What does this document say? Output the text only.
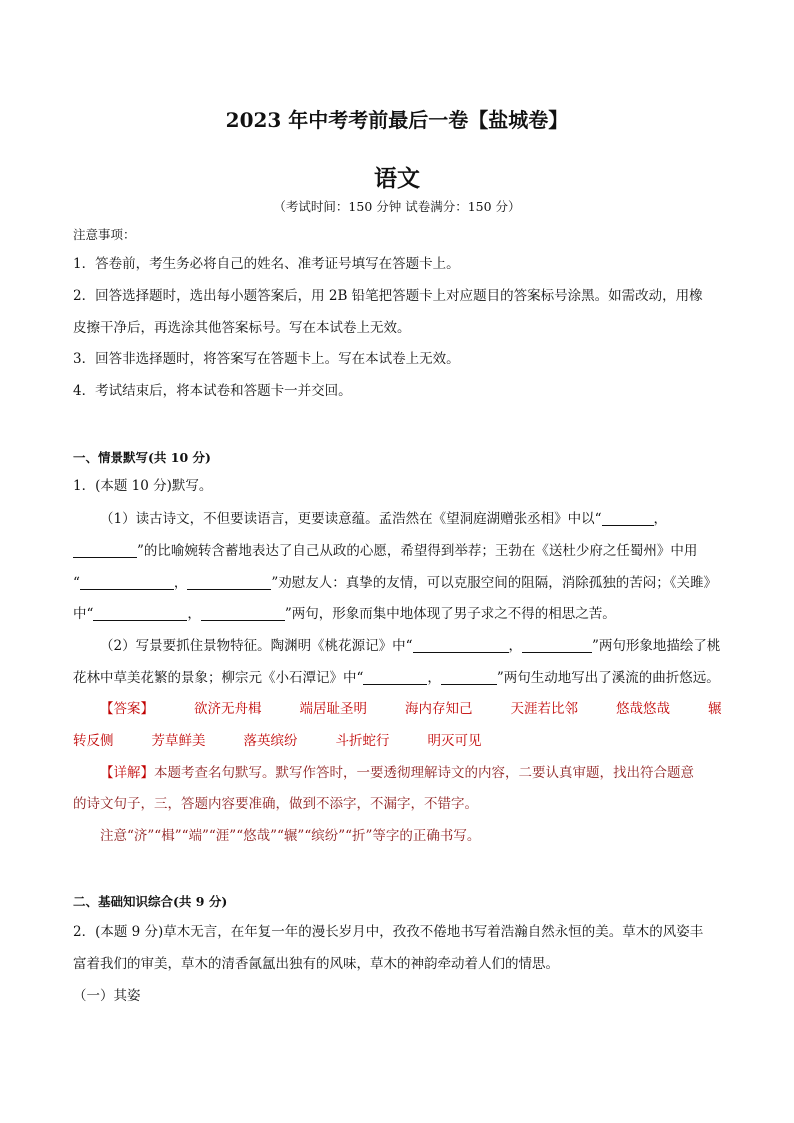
2023 年中考考前最后一卷【盐城卷】
语文
（考试时间：150 分钟 试卷满分：150 分）
注意事项：
1．答卷前，考生务必将自己的姓名、准考证号填写在答题卡上。
2．回答选择题时，选出每小题答案后，用 2B 铅笔把答题卡上对应题目的答案标号涂黑。如需改动，用橡
皮擦干净后，再选涂其他答案标号。写在本试卷上无效。
3．回答非选择题时，将答案写在答题卡上。写在本试卷上无效。
4．考试结束后，将本试卷和答题卡一并交回。
一、情景默写(共 10 分)
1．(本题 10 分)默写。
（1）读古诗文，不但要读语言，更要读意蕴。孟浩然在《望洞庭湖赠张丞相》中以“	，
”的比喻婉转含蓄地表达了自己从政的心愿，希望得到举荐；王勃在《送杜少府之任蜀州》中用
“	，	”劝慰友人：真挚的友情，可以克服空间的阻隔，消除孤独的苦闷；《关雎》
中“	，	”两句，形象而集中地体现了男子求之不得的相思之苦。
（2）写景要抓住景物特征。陶渊明《桃花源记》中“	，	”两句形象地描绘了桃
花林中草美花繁的景象；柳宗元《小石潭记》中“	，	”两句生动地写出了溪流的曲折悠远。
【答案】	欲济无舟楫	端居耻圣明	海内存知己	天涯若比邻	悠哉悠哉	辗
转反侧	芳草鲜美	落英缤纷	斗折蛇行	明灭可见
【详解】本题考查名句默写。默写作答时，一要透彻理解诗文的内容，二要认真审题，找出符合题意
的诗文句子，三，答题内容要准确，做到不添字，不漏字，不错字。
注意“济”“楫”“端”“涯”“悠哉”“辗”“缤纷”“折”等字的正确书写。
二、基础知识综合(共 9 分)
2．(本题 9 分)草木无言，在年复一年的漫长岁月中，孜孜不倦地书写着浩瀚自然永恒的美。草木的风姿丰
富着我们的审美，草木的清香氤氲出独有的风味，草木的神韵牵动着人们的情思。
（一）其姿
